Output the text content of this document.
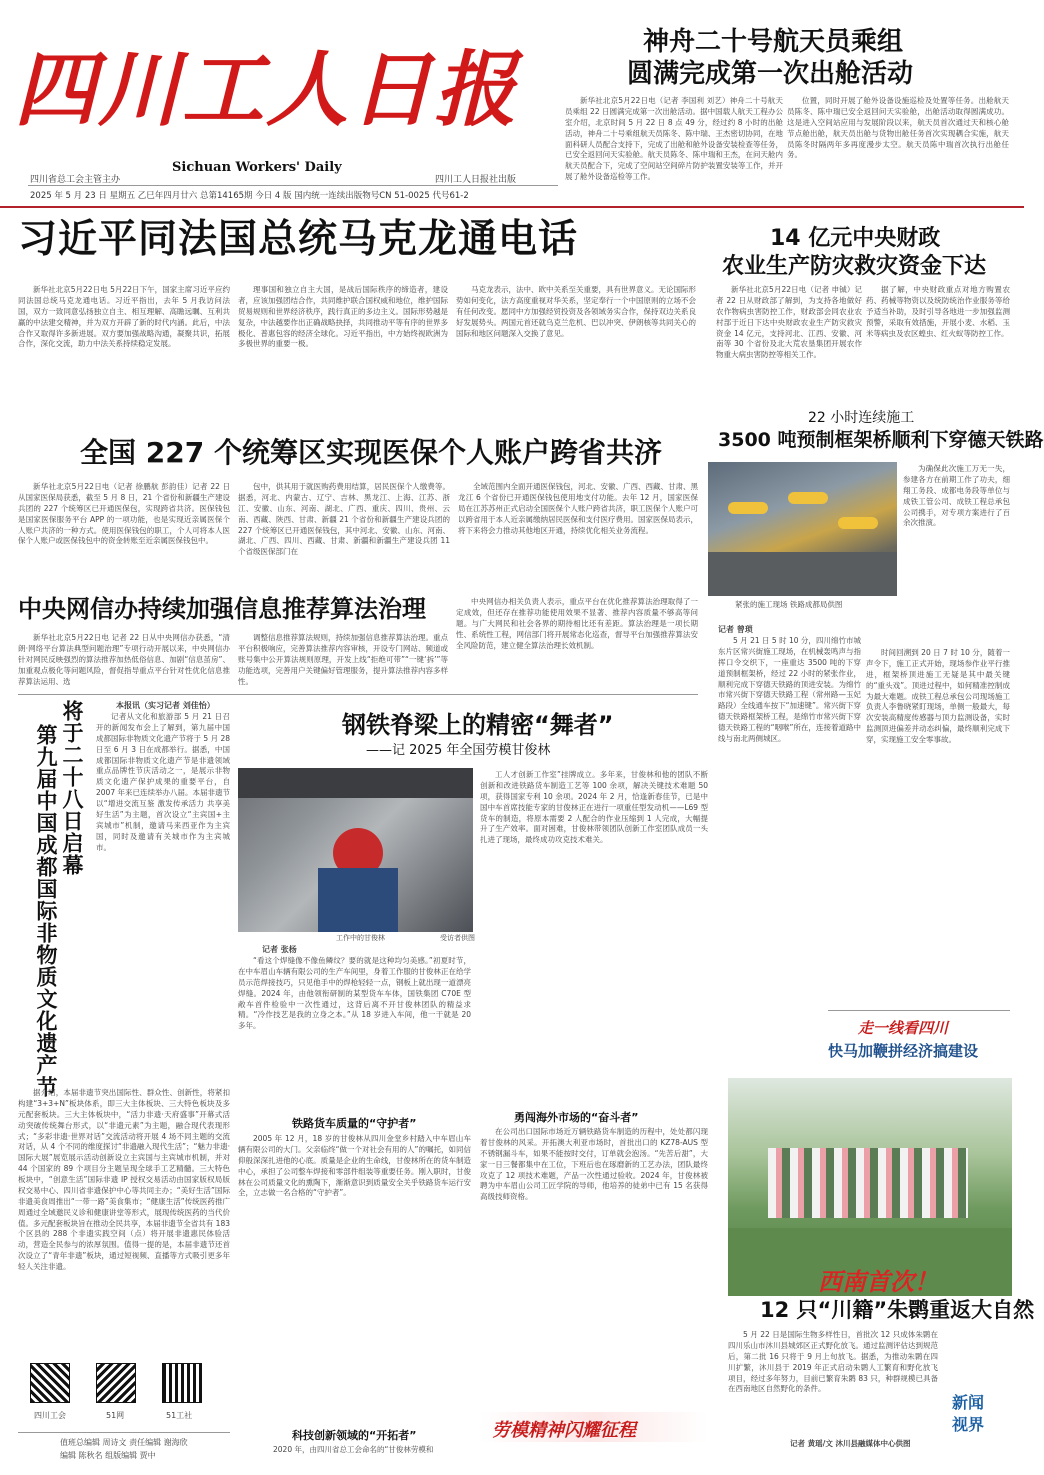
四川工人日报
Sichuan Workers' Daily
四川省总工会主管主办	四川工人日报社出版
2025 年 5 月 23 日 星期五 乙巳年四月廿六 总第14165期 今日 4 版 国内统一连续出版物号CN 51-0025 代号61-2
神舟二十号航天员乘组
圆满完成第一次出舱活动

新华社北京5月22日电（记者 李国利 刘艺）神舟二十号航天员乘组 22 日圆满完成第一次出舱活动。据中国载人航天工程办公室介绍，北京时间 5 月 22 日 8 点 49 分，经过约 8 小时的出舱活动，神舟二十号乘组航天员陈冬、陈中瑞、王杰密切协同，在地面科研人员配合支持下，完成了出舱和舱外设备安装检查等任务，已安全返回问天实验舱。航天员陈冬、陈中瑞和王杰，在问天舱内航天员配合下，完成了空间站空间碎片防护装置安装等工作，并开展了舱外设备巡检等工作。

位置，同时开展了舱外设备设施巡检及处置等任务。出舱航天员陈冬、陈中瑞已安全返回问天实验舱，出舱活动取得圆满成功。这是进入空间站应用与发展阶段以来，航天员首次通过天和核心舱节点舱出舱，航天员出舱与货物出舱任务首次实现耦合实施，航天员陈冬时隔两年多再度漫步太空。航天员陈中瑞首次执行出舱任务。

习近平同法国总统马克龙通电话

新华社北京5月22日电 5月22日下午，国家主席习近平应约同法国总统马克龙通电话。习近平指出，去年 5 月我访问法国，双方一致同意弘扬独立自主、相互理解、高瞻远瞩、互利共赢的中法建交精神，并为双方开辟了新的时代内涵。此后，中法合作又取得许多新进展。双方要加强战略沟通，凝聚共识，拓展合作，深化交流，助力中法关系持续稳定发展。

理事国和独立自主大国，是战后国际秩序的缔造者，建设者，应该加强团结合作，共同维护联合国权威和地位，维护国际贸易规则和世界经济秩序，践行真正的多边主义。国际形势越是复杂，中法越要作出正确战略抉择，共同推动平等有序的世界多极化、普惠包容的经济全球化。习近平指出，中方始终视欧洲为多极世界的重要一极。

马克龙表示，法中、欧中关系至关重要，具有世界意义。无论国际形势如何变化，法方高度重视对华关系，坚定奉行一个中国原则的立场不会有任何改变。愿同中方加强经贸投资及各领域务实合作，保持双边关系良好发展势头。两国元首还就乌克兰危机、巴以冲突、伊朗核等共同关心的国际和地区问题深入交换了意见。

14 亿元中央财政
农业生产防灾救灾资金下达

新华社北京5月22日电（记者 申铖）记者 22 日从财政部了解到，为支持各地做好农作物病虫害防控工作，财政部会同农业农村部于近日下达中央财政农业生产防灾救灾资金 14 亿元，支持河北、江西、安徽、河南等 30 个省份及北大荒农垦集团开展农作物重大病虫害防控等相关工作。

据了解，中央财政重点对地方购置农药、药械等物资以及统防统治作业服务等给予适当补助，及时引导各地进一步加强监测预警，采取有效措施，开展小麦、水稻、玉米等病虫及农区蝗虫、红火蚁等防控工作。

22 小时连续施工
3500 吨预制框架桥顺利下穿德天铁路
紧张的施工现场 铁路成都局供图

为确保此次施工万无一失，参建各方在前期工作了功夫，细翔工务段、成都电务段等单位与成铁工管公司、成铁工程总承包公司携手，对专项方案进行了百余次推演。

记者 曾琐

5 月 21 日 5 时 10 分，四川绵竹市城东片区常兴街施工现场，在机械轰鸣声与指挥口令交织下，一座重达 3500 吨的下穿道预制框架桥，经过 22 小时的紧张作业，顺利完成下穿德天铁路的顶进安装。为绵竹市常兴街下穿德天铁路工程（常州路—玉妃路段）全线通车按下“加速键”。常兴街下穿德天铁路框架桥工程，是绵竹市常兴街下穿德天铁路工程的“咽喉”所在，连接着道路中线与南北两侧城区。

时间回溯到 20 日 7 时 10 分，随着一声令下，施工正式开始，现场参作业平行推进，框架桥顶进施工无疑是其中最关键的“重头戏”。顶进过程中，如何精准控制成为最大难题。成铁工程总承包公司现场施工负责人李鲁晓紧盯现场，单侧一般最大，每次安装高精度传感器与顶力监测设备，实时监测顶进偏差并动态纠偏，最终顺利完成下穿，实现施工安全零事故。

全国 227 个统筹区实现医保个人账户跨省共济

新华社北京5月22日电（记者 徐鹏航 彭韵佳）记者 22 日从国家医保局获悉，截至 5 月 8 日，21 个省份和新疆生产建设兵团的 227 个统筹区已开通医保包，实现跨省共济。医保钱包是国家医保服务平台 APP 的一项功能，也是实现近亲属医保个人账户共济的一种方式。使用医保钱包的职工，个人可将本人医保个人账户或医保钱包中的资金转账至近亲属医保钱包中。

包中，供其用于就医购药费用结算，居民医保个人缴费等。据悉，河北、内蒙古、辽宁、吉林、黑龙江、上海、江苏、浙江、安徽、山东、河南、湖北、广西、重庆、四川、贵州、云南、西藏、陕西、甘肃、新疆 21 个省份和新疆生产建设兵团的 227 个统筹区已开通医保钱包，其中河北、安徽、山东、河南、湖北、广西、四川、西藏、甘肃、新疆和新疆生产建设兵团 11 个省级医保部门在

全域范围内全面开通医保钱包，河北、安徽、广西、西藏、甘肃、黑龙江 6 个省份已开通医保钱包使用地支付功能。去年 12 月，国家医保局在江苏苏州正式启动全国医保个人账户跨省共济，职工医保个人账户可以跨省用于本人近亲属缴纳居民医保和支付医疗费用。国家医保局表示，将下来将会力推动其他地区开通，持续优化相关业务流程。

中央网信办持续加强信息推荐算法治理

新华社北京5月22日电 记者 22 日从中央网信办获悉，“清朗·网络平台算法典型问题治理”专项行动开展以来，中央网信办针对网民反映强烈的算法推荐加热低俗信息、加剧“信息茧房”、加重观点极化等问题风险，督促指导重点平台针对性优化信息推荐算法运用、选

调整信息推荐算法规则，持续加强信息推荐算法治理。重点平台积极响应，完善算法推荐内容审核，开设专门网站、频道或账号集中公开算法规则原理，开发上线“拒绝可带”“一键‘拆’”等功能选项，完善用户关键偏好管理服务，提升算法推荐内容多样性。

中央网信办相关负责人表示，重点平台在优化推荐算法治理取得了一定成效，但还存在推荐功能使用效果不显著、推荐内容质量不够高等问题。与广大网民和社会各界的期待相比还有差距。算法治理是一项长期性、系统性工程，网信部门将开展常态化巡查，督导平台加强推荐算法安全风险防范，建立健全算法治理长效机制。

将于二十八日启幕
第九届中国成都国际非物质文化遗产节
本报讯（实习记者 刘佳怡）

记者从文化和旅游部 5 月 21 日召开的新闻发布会上了解到，第九届中国成都国际非物质文化遗产节将于 5 月 28 日至 6 月 3 日在成都举行。据悉，中国成都国际非物质文化遗产节是非遗领域重点品牌性节庆活动之一，是展示非物质文化遗产保护成果的重要平台，自 2007 年来已连续举办八届。本届非遗节以“增进交流互鉴 激发传承活力 共享美好生活”为主题，首次设立“主宾国+主宾城市”机制，邀请马来西亚作为主宾国，同时及邀请有关城市作为主宾城市。

据介绍，本届非遗节突出国际性、群众性、创新性，将紧扣构建“3+3+N”板块体系，即三大主体板块、三大特色板块及多元配套板块。三大主体板块中，“活力非遗·天府盛事”开幕式活动突破传统舞台形式，以“非遗元素”为主题，融合现代表现形式；“多彩非遗·世界对话”交流活动将开展 4 场不同主题的交流对话，从 4 个不同的维度探讨“非遗融入现代生活”；“魅力非遗·国际大展”展览展示活动创新设立主宾国与主宾城市机制，并对 44 个国家的 89 个项目分主题呈现全球手工艺精髓。三大特色板块中，“创意生活”国际非遗 IP 授权交易活动由国家版权局版权交易中心、四川省非遗保护中心等共同主办；“美好生活”国际非遗美食周推出“一带一路”美食集市；“健康生活”传统医药推广周通过全域邀民义诊和健康讲堂等形式，展现传统医药的当代价值。多元配套板块旨在推动全民共享，本届非遗节全省共有 183 个区县的 288 个非遗实践空间（点）将开展非遗惠民体验活动，营造全民参与的浓厚氛围。值得一提的是，本届非遗节还首次设立了“青年非遗”板块，通过短视频、直播等方式吸引更多年轻人关注非遗。

钢铁脊梁上的精密“舞者”
——记 2025 年全国劳模甘俊林
工作中的甘俊林	受访者供图
记者 张杨

“看这个焊缝像不像鱼鳞纹？要的就是这种均匀美感。”初夏时节，在中车眉山车辆有限公司的生产车间里，身着工作服的甘俊林正在给学员示范焊接技巧，只见他手中的焊枪轻轻一点，钢板上就出现一道漂亮焊缝。2024 年，由他领衔研制的某型货车车体，国铁集团 C70E 型敞车首件检验中一次性通过，这背后离不开甘俊林团队的精益求精。“冷作技艺是我的立身之本。”从 18 岁进入车间，他一干就是 20 多年。

工人才创新工作室”挂牌成立。多年来，甘俊林和他的团队不断创新和改进铁路货车制造工艺等 100 余项，解决关键技术难题 50 项，获得国家专利 10 余项。2024 年 2 月，恰逢新春佳节，已是中国中车首席技能专家的甘俊林正在进行一项重任型发动机——L69 型货车的制造，将原本需要 2 人配合的作业压缩到 1 人完成，大幅提升了生产效率。面对困难，甘俊林带领团队创新工作室团队成员一头扎进了现场，最终成功攻克技术难关。

铁路货车质量的“守护者”

2005 年 12 月，18 岁的甘俊林从四川金堂乡村踏入中车眉山车辆有限公司的大门。父亲临终“做一个对社会有用的人”的嘱托，如同信仰般深深扎进他的心底。质量是企业的生命线，甘俊林所在的货车制造中心，承担了公司整车焊接和零部件组装等重要任务。刚入职时，甘俊林在公司质量文化的熏陶下，渐渐意识到质量安全关乎铁路货车运行安全，立志做一名合格的“守护者”。

勇闯海外市场的“奋斗者”

在公司出口国际市场近万辆铁路货车制造的历程中，处处都闪现着甘俊林的风采。开拓澳大利亚市场时，首批出口的 KZ78-AUS 型不锈钢漏斗车，如果不能按时交付，订单就会泡汤。“先苦后甜”，大家一日三餐都集中在工位，下班后也在琢磨新的工艺办法，团队最终攻克了 12 项技术难题，产品一次性通过验收。2024 年，甘俊林被聘为中车眉山公司工匠学院的导师，他培养的徒弟中已有 15 名获得高级技师资格。

科技创新领域的“开拓者”

2020 年，由四川省总工会命名的“甘俊林劳模和

劳模精神闪耀征程
走一线看四川
快马加鞭拼经济搞建设
西南首次！
12 只“川籍”朱鹮重返大自然

5 月 22 日是国际生物多样性日，首批次 12 只成体朱鹮在四川乐山市沐川县城郊区正式野化放飞。通过监测评估达到规范后，第二批 16 只将于 9 月上旬放飞。据悉，为推动朱鹮在四川扩繁，沐川县于 2019 年正式启动朱鹮人工繁育和野化放飞项目，经过多年努力，目前已繁育朱鹮 83 只，种群规模已具备在西南地区自然野化的条件。

记者 黄瑶/文 沐川县融媒体中心供图
新闻
视界
四川工会	51网	51工社
值班总编辑 周诗文 责任编辑 谢海欣
编辑 陈秋名 组版编辑 贾中
